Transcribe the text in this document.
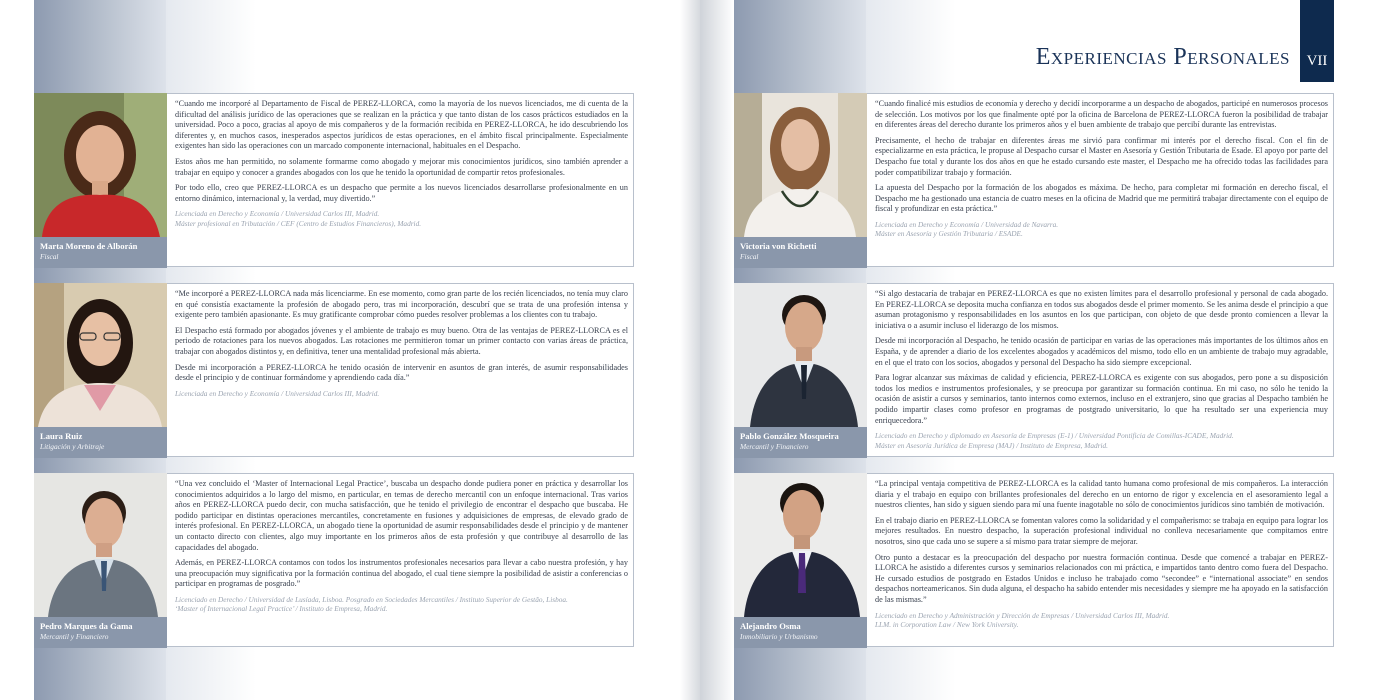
Marta Moreno de Alborán
Fiscal

“Cuando me incorporé al Departamento de Fiscal de PEREZ-LLORCA, como la mayoría de los nuevos licenciados, me di cuenta de la dificultad del análisis jurídico de las operaciones que se realizan en la práctica y que tanto distan de los casos prácticos estudiados en la universidad. Poco a poco, gracias al apoyo de mis compañeros y de la formación recibida en PEREZ-LLORCA, he ido descubriendo los diferentes y, en muchos casos, inesperados aspectos jurídicos de estas operaciones, en el ámbito fiscal principalmente. Especialmente exigentes han sido las operaciones con un marcado componente internacional, habituales en el Despacho.

Estos años me han permitido, no solamente formarme como abogado y mejorar mis conocimientos jurídicos, sino también aprender a trabajar en equipo y conocer a grandes abogados con los que he tenido la oportunidad de compartir retos profesionales.

Por todo ello, creo que PEREZ-LLORCA es un despacho que permite a los nuevos licenciados desarrollarse profesionalmente en un entorno dinámico, internacional y, la verdad, muy divertido.”

Licenciada en Derecho y Economía / Universidad Carlos III, Madrid.
Máster profesional en Tributación / CEF (Centro de Estudios Financieros), Madrid.
Laura Ruiz
Litigación y Arbitraje

“Me incorporé a PEREZ-LLORCA nada más licenciarme. En ese momento, como gran parte de los recién licenciados, no tenía muy claro en qué consistía exactamente la profesión de abogado pero, tras mi incorporación, descubrí que se trata de una profesión intensa y exigente pero también apasionante. Es muy gratificante comprobar cómo puedes resolver problemas a los clientes con tu trabajo.

El Despacho está formado por abogados jóvenes y el ambiente de trabajo es muy bueno. Otra de las ventajas de PEREZ-LLORCA es el periodo de rotaciones para los nuevos abogados. Las rotaciones me permitieron tomar un primer contacto con varias áreas de práctica, trabajar con abogados distintos y, en definitiva, tener una mentalidad profesional más abierta.

Desde mi incorporación a PEREZ-LLORCA he tenido ocasión de intervenir en asuntos de gran interés, de asumir responsabilidades desde el principio y de continuar formándome y aprendiendo cada día.”

Licenciada en Derecho y Economía / Universidad Carlos III, Madrid.
Pedro Marques da Gama
Mercantil y Financiero

“Una vez concluido el ‘Master of Internacional Legal Practice’, buscaba un despacho donde pudiera poner en práctica y desarrollar los conocimientos adquiridos a lo largo del mismo, en particular, en temas de derecho mercantil con un enfoque internacional. Tras varios años en PEREZ-LLORCA puedo decir, con mucha satisfacción, que he tenido el privilegio de encontrar el despacho que buscaba. He podido participar en distintas operaciones mercantiles, concretamente en fusiones y adquisiciones de empresas, de elevado grado de interés profesional. En PEREZ-LLORCA, un abogado tiene la oportunidad de asumir responsabilidades desde el principio y de mantener un contacto directo con clientes, algo muy importante en los primeros años de esta profesión y que contribuye al desarrollo de las capacidades del abogado.

Además, en PEREZ-LLORCA contamos con todos los instrumentos profesionales necesarios para llevar a cabo nuestra profesión, y hay una preocupación muy significativa por la formación continua del abogado, el cual tiene siempre la posibilidad de asistir a conferencias o participar en programas de posgrado.”

Licenciado en Derecho / Universidad de Lusíada, Lisboa. Posgrado en Sociedades Mercantiles / Instituto Superior de Gestão, Lisboa.
‘Master of Internacional Legal Practice’ / Instituto de Empresa, Madrid.
Experiencias Personales VII
Victoria von Richetti
Fiscal

“Cuando finalicé mis estudios de economía y derecho y decidí incorporarme a un despacho de abogados, participé en numerosos procesos de selección. Los motivos por los que finalmente opté por la oficina de Barcelona de PEREZ-LLORCA fueron la posibilidad de trabajar en diferentes áreas del derecho durante los primeros años y el buen ambiente de trabajo que percibí durante las entrevistas.

Precisamente, el hecho de trabajar en diferentes áreas me sirvió para confirmar mi interés por el derecho fiscal. Con el fin de especializarme en esta práctica, le propuse al Despacho cursar el Master en Asesoría y Gestión Tributaria de Esade. El apoyo por parte del Despacho fue total y durante los dos años en que he estado cursando este master, el Despacho me ha ofrecido todas las facilidades para poder compatibilizar trabajo y formación.

La apuesta del Despacho por la formación de los abogados es máxima. De hecho, para completar mi formación en derecho fiscal, el Despacho me ha gestionado una estancia de cuatro meses en la oficina de Madrid que me permitirá trabajar directamente con el equipo de fiscal y profundizar en esta práctica.”

Licenciada en Derecho y Economía / Universidad de Navarra.
Máster en Asesoría y Gestión Tributaria / ESADE.
Pablo González Mosqueira
Mercantil y Financiero

“Si algo destacaría de trabajar en PEREZ-LLORCA es que no existen límites para el desarrollo profesional y personal de cada abogado. En PEREZ-LLORCA se deposita mucha confianza en todos sus abogados desde el primer momento. Se les anima desde el principio a que asuman protagonismo y responsabilidades en los asuntos en los que participan, con objeto de que desde pronto comiencen a llevar la iniciativa o a asumir incluso el liderazgo de los mismos.

Desde mi incorporación al Despacho, he tenido ocasión de participar en varias de las operaciones más importantes de los últimos años en España, y de aprender a diario de los excelentes abogados y académicos del mismo, todo ello en un ambiente de trabajo muy agradable, en el que el trato con los socios, abogados y personal del Despacho ha sido siempre excepcional.

Para lograr alcanzar sus máximas de calidad y eficiencia, PEREZ-LLORCA es exigente con sus abogados, pero pone a su disposición todos los medios e instrumentos profesionales, y se preocupa por garantizar su formación continua. En mi caso, no sólo he tenido la ocasión de asistir a cursos y seminarios, tanto internos como externos, incluso en el extranjero, sino que gracias al Despacho también he podido impartir clases como profesor en programas de postgrado universitario, lo que ha resultado ser una experiencia muy enriquecedora.”

Licenciado en Derecho y diplomado en Asesoría de Empresas (E-1) / Universidad Pontificia de Comillas-ICADE, Madrid.
Máster en Asesoría Jurídica de Empresa (MAJ) / Instituto de Empresa, Madrid.
Alejandro Osma
Inmobiliario y Urbanismo

“La principal ventaja competitiva de PEREZ-LLORCA es la calidad tanto humana como profesional de mis compañeros. La interacción diaria y el trabajo en equipo con brillantes profesionales del derecho en un entorno de rigor y excelencia en el asesoramiento legal a nuestros clientes, han sido y siguen siendo para mí una fuente inagotable no sólo de conocimientos jurídicos sino también de motivación.

En el trabajo diario en PEREZ-LLORCA se fomentan valores como la solidaridad y el compañerismo: se trabaja en equipo para lograr los mejores resultados. En nuestro despacho, la superación profesional individual no conlleva necesariamente que compitamos entre nosotros, sino que cada uno se supere a sí mismo para tratar siempre de mejorar.

Otro punto a destacar es la preocupación del despacho por nuestra formación continua. Desde que comencé a trabajar en PEREZ-LLORCA he asistido a diferentes cursos y seminarios relacionados con mi práctica, e impartidos tanto dentro como fuera del Despacho. He cursado estudios de postgrado en Estados Unidos e incluso he trabajado como “secondee” e “international associate” en sendos despachos norteamericanos. Sin duda alguna, el despacho ha sabido entender mis necesidades y siempre me ha apoyado en la satisfacción de las mismas.”

Licenciado en Derecho y Administración y Dirección de Empresas / Universidad Carlos III, Madrid.
LLM. in Corporation Law / New York University.
